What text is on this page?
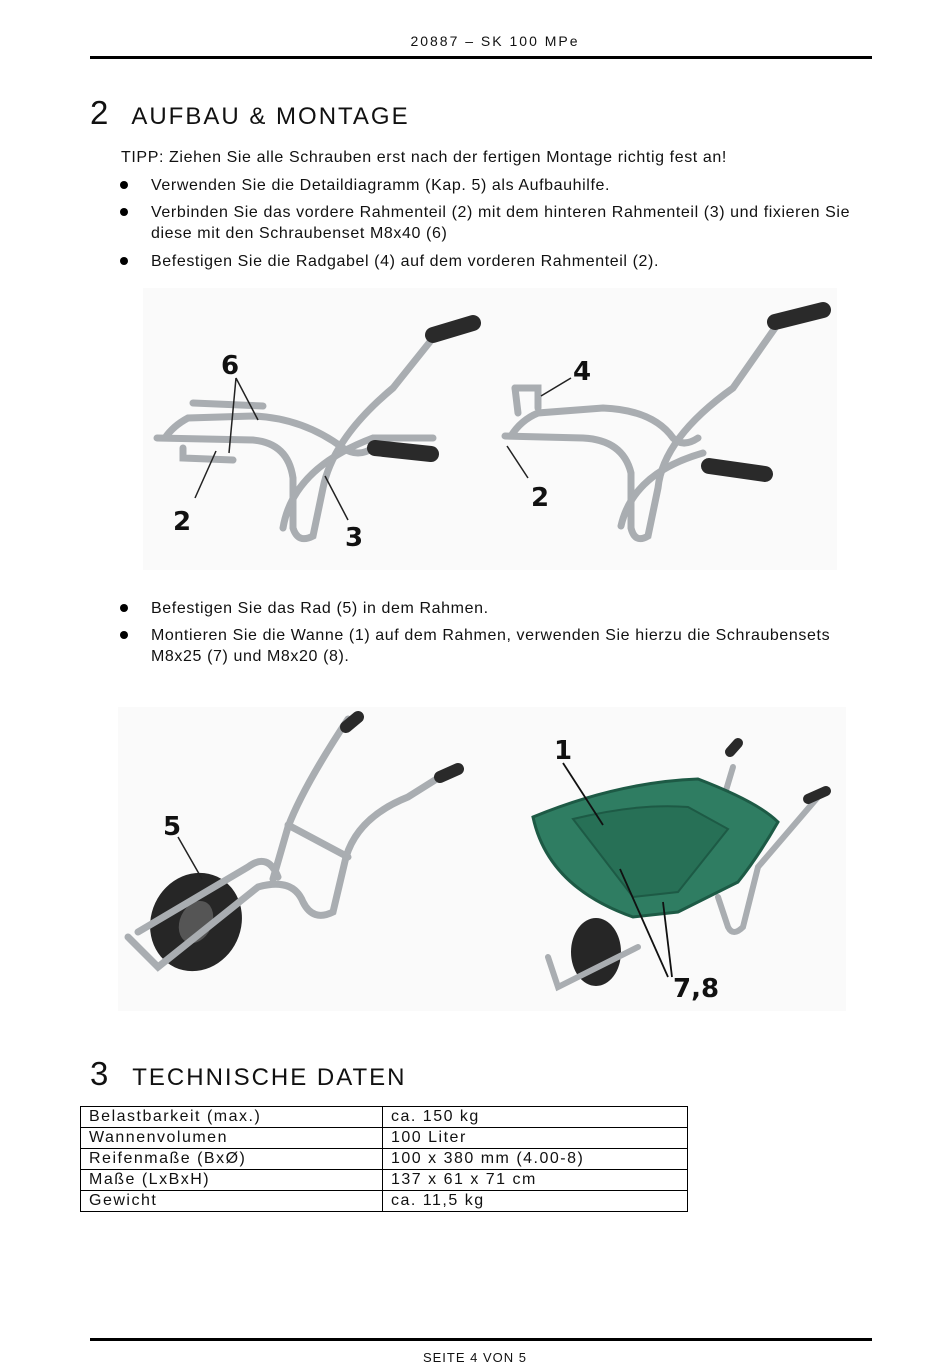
20887 – SK 100 MPe
2 AUFBAU & MONTAGE
TIPP: Ziehen Sie alle Schrauben erst nach der fertigen Montage richtig fest an!
Verwenden Sie die Detaildiagramm (Kap. 5) als Aufbauhilfe.
Verbinden Sie das vordere Rahmenteil (2) mit dem hinteren Rahmenteil (3) und fixieren Sie diese mit den Schraubenset M8x40 (6)
Befestigen Sie die Radgabel (4) auf dem vorderen Rahmenteil (2).
6
2
3
4
2
Befestigen Sie das Rad (5) in dem Rahmen.
Montieren Sie die Wanne (1) auf dem Rahmen, verwenden Sie hierzu die Schraubensets M8x25 (7) und M8x20 (8).
5
1
7,8
3 TECHNISCHE DATEN
Belastbarkeit (max.)	ca. 150 kg
Wannenvolumen	100 Liter
Reifenmaße (BxØ)	100 x 380 mm (4.00-8)
Maße (LxBxH)	137 x 61 x 71 cm
Gewicht	ca. 11,5 kg
SEITE 4 VON 5
